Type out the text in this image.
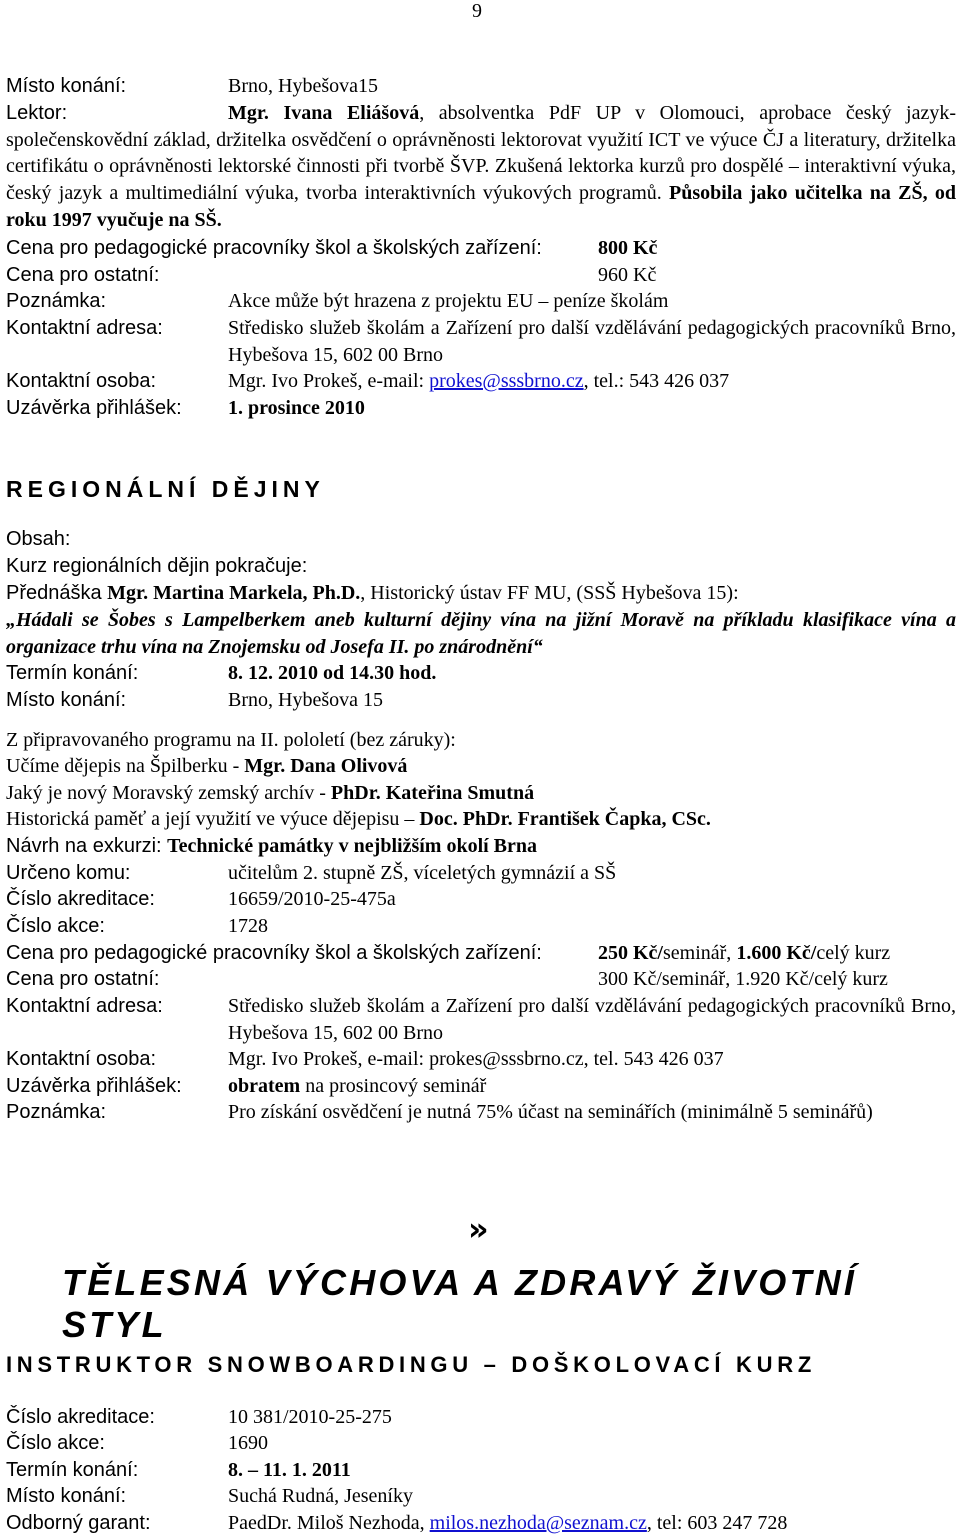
9
Místo konání:	Brno, Hybešova15
Lektor:	Mgr. Ivana Eliášová, absolventka PdF UP v Olomouci, aprobace český jazyk-společenskovědní základ, držitelka osvědčení o oprávněnosti lektorovat využití ICT ve výuce ČJ a literatury, držitelka certifikátu o oprávněnosti lektorské činnosti při tvorbě ŠVP. Zkušená lektorka kurzů pro dospělé – interaktivní výuka, český jazyk a multimediální výuka, tvorba interaktivních výukových programů. Působila jako učitelka na ZŠ, od roku 1997 vyučuje na SŠ.
Cena pro pedagogické pracovníky škol a školských zařízení:	800 Kč
Cena pro ostatní:	960 Kč
Poznámka:	Akce může být hrazena z projektu EU – peníze školám
Kontaktní adresa:	Středisko služeb školám a Zařízení pro další vzdělávání pedagogických pracovníků Brno, Hybešova 15, 602 00 Brno
Kontaktní osoba:	Mgr. Ivo Prokeš, e-mail: prokes@sssbrno.cz, tel.: 543 426 037
Uzávěrka přihlášek: 1. prosince 2010
REGIONÁLNÍ DĚJINY
Obsah:
Kurz regionálních dějin pokračuje:
Přednáška Mgr. Martina Markela, Ph.D., Historický ústav FF MU, (SSŠ Hybešova 15):
„Hádali se Šobes s Lampelberkem aneb kulturní dějiny vína na jižní Moravě na příkladu klasifikace vína a organizace trhu vína na Znojemsku od Josefa II. po znárodnění“
Termín konání:	8. 12. 2010 od 14.30 hod.
Místo konání:	Brno, Hybešova 15
Z připravovaného programu na II. pololetí (bez záruky):
Učíme dějepis na Špilberku - Mgr. Dana Olivová
Jaký je nový Moravský zemský archív - PhDr. Kateřina Smutná
Historická paměť a její využití ve výuce dějepisu – Doc. PhDr. František Čapka, CSc.
Návrh na exkurzi: Technické památky v nejbližším okolí Brna
Určeno komu:	učitelům 2. stupně ZŠ, víceletých gymnázií a SŠ
Číslo akreditace:	16659/2010-25-475a
Číslo akce:	1728
Cena pro pedagogické pracovníky škol a školských zařízení:	250 Kč/seminář, 1.600 Kč/celý kurz
Cena pro ostatní:	300 Kč/seminář, 1.920 Kč/celý kurz
Kontaktní adresa:	Středisko služeb školám a Zařízení pro další vzdělávání pedagogických pracovníků Brno, Hybešova 15, 602 00 Brno
Kontaktní osoba:	Mgr. Ivo Prokeš, e-mail: prokes@sssbrno.cz, tel. 543 426 037
Uzávěrka přihlášek: obratem na prosincový seminář
Poznámka:	Pro získání osvědčení je nutná 75% účast na seminářích (minimálně 5 seminářů)
»
TĚLESNÁ VÝCHOVA A ZDRAVÝ ŽIVOTNÍ STYL
INSTRUKTOR SNOWBOARDINGU – DOŠKOLOVACÍ KURZ
Číslo akreditace:	10 381/2010-25-275
Číslo akce:	1690
Termín konání:	8. – 11. 1. 2011
Místo konání:	Suchá Rudná, Jeseníky
Odborný garant:	PaedDr. Miloš Nezhoda, milos.nezhoda@seznam.cz, tel: 603 247 728
